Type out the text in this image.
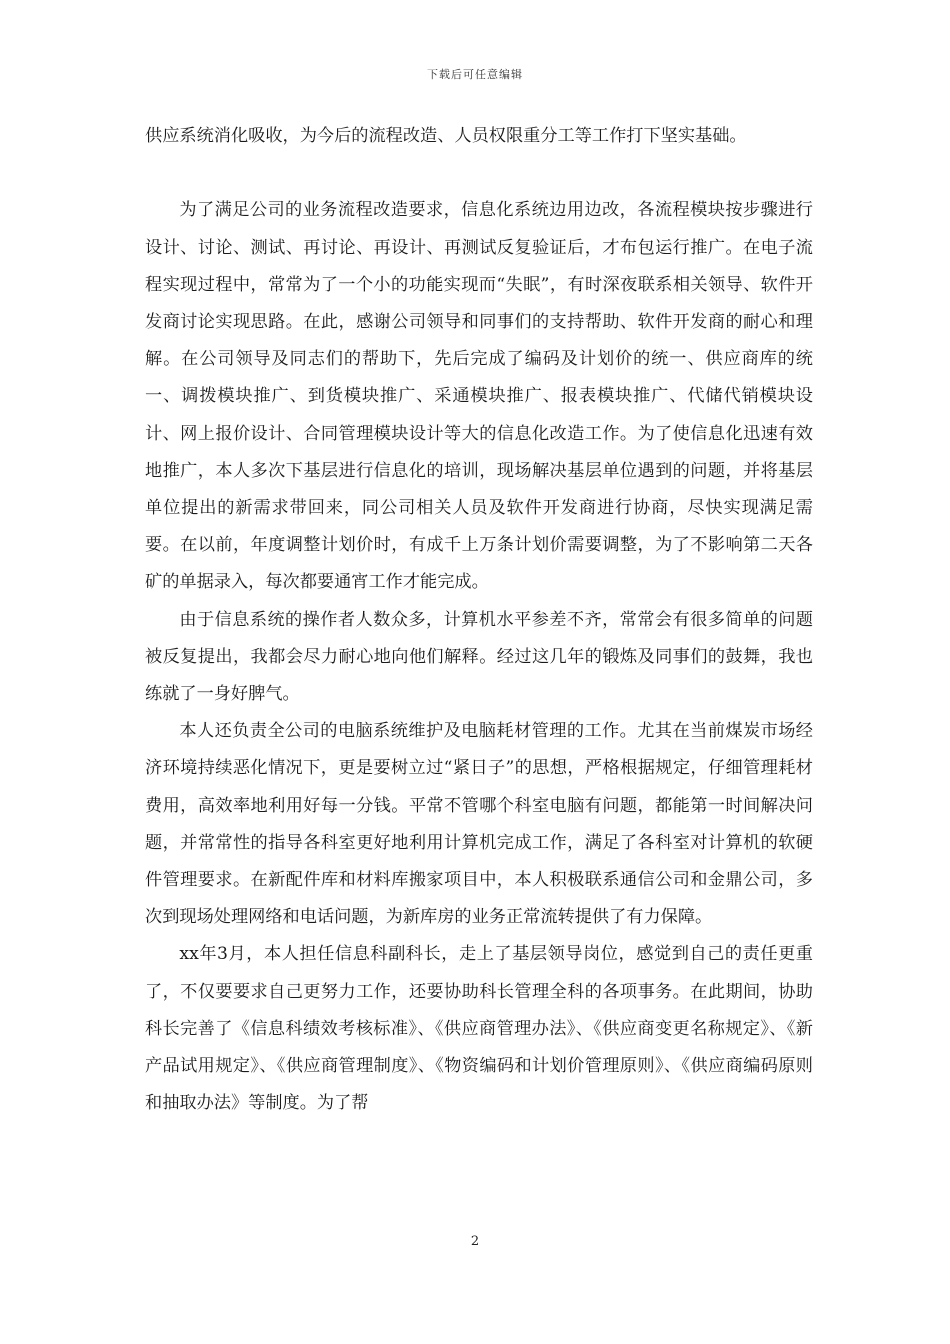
下载后可任意编辑

供应系统消化吸收，为今后的流程改造、人员权限重分工等工作打下坚实基础。

为了满足公司的业务流程改造要求，信息化系统边用边改，各流程模块按步骤进行设计、讨论、测试、再讨论、再设计、再测试反复验证后，才布包运行推广。在电子流程实现过程中，常常为了一个小的功能实现而“失眠”，有时深夜联系相关领导、软件开发商讨论实现思路。在此，感谢公司领导和同事们的支持帮助、软件开发商的耐心和理解。在公司领导及同志们的帮助下，先后完成了编码及计划价的统一、供应商库的统一、调拨模块推广、到货模块推广、采通模块推广、报表模块推广、代储代销模块设计、网上报价设计、合同管理模块设计等大的信息化改造工作。为了使信息化迅速有效地推广，本人多次下基层进行信息化的培训，现场解决基层单位遇到的问题，并将基层单位提出的新需求带回来，同公司相关人员及软件开发商进行协商，尽快实现满足需要。在以前，年度调整计划价时，有成千上万条计划价需要调整，为了不影响第二天各矿的单据录入，每次都要通宵工作才能完成。

由于信息系统的操作者人数众多，计算机水平参差不齐，常常会有很多简单的问题被反复提出，我都会尽力耐心地向他们解释。经过这几年的锻炼及同事们的鼓舞，我也练就了一身好脾气。

本人还负责全公司的电脑系统维护及电脑耗材管理的工作。尤其在当前煤炭市场经济环境持续恶化情况下，更是要树立过“紧日子”的思想，严格根据规定，仔细管理耗材费用，高效率地利用好每一分钱。平常不管哪个科室电脑有问题，都能第一时间解决问题，并常常性的指导各科室更好地利用计算机完成工作，满足了各科室对计算机的软硬件管理要求。在新配件库和材料库搬家项目中，本人积极联系通信公司和金鼎公司，多次到现场处理网络和电话问题，为新库房的业务正常流转提供了有力保障。

xx年3月，本人担任信息科副科长，走上了基层领导岗位，感觉到自己的责任更重了，不仅要要求自己更努力工作，还要协助科长管理全科的各项事务。在此期间，协助科长完善了《信息科绩效考核标准》、《供应商管理办法》、《供应商变更名称规定》、《新产品试用规定》、《供应商管理制度》、《物资编码和计划价管理原则》、《供应商编码原则和抽取办法》等制度。为了帮

2
